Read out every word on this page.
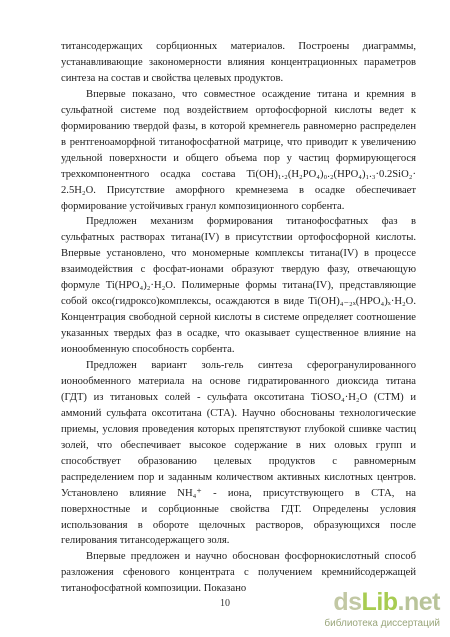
титансодержащих сорбционных материалов. Построены диаграммы,
устанавливающие закономерности влияния концентрационных параметров
синтеза на состав и свойства целевых продуктов.
Впервые показано, что совместное осаждение титана и кремния в
сульфатной системе под воздействием ортофосфорной кислоты ведет к
формированию твердой фазы, в которой кремнегель равномерно распределен
в рентгеноаморфной титанофосфатной матрице, что приводит к увеличению
удельной поверхности и общего объема пор у частиц формирующегося
трехкомпонентного осадка состава Ti(OH)₁.₂(H₂PO₄)₀.₂(HPO₄)₁.₃·0.2SiO₂·
2.5H₂O. Присутствие аморфного кремнезема в осадке обеспечивает
формирование устойчивых гранул композиционного сорбента.
Предложен механизм формирования титанофосфатных фаз в
сульфатных растворах титана(IV) в присутствии ортофосфорной кислоты.
Впервые установлено, что мономерные комплексы титана(IV) в процессе
взаимодействия с фосфат-ионами образуют твердую фазу, отвечающую
формуле Ti(HPO₄)₂·H₂O. Полимерные формы титана(IV), представляющие
собой оксо(гидроксо)комплексы, осаждаются в виде Ti(OH)₄₋₂ₓ(HPO₄)ₓ·H₂O.
Концентрация свободной серной кислоты в системе определяет соотношение
указанных твердых фаз в осадке, что оказывает существенное влияние на
ионообменную способность сорбента.
Предложен вариант золь-гель синтеза сферогранулированного
ионообменного материала на основе гидратированного диоксида титана
(ГДТ) из титановых солей - сульфата оксотитана TiOSO₄·H₂O (СТМ) и
аммоний сульфата оксотитана (СТА). Научно обоснованы технологические
приемы, условия проведения которых препятствуют глубокой сшивке частиц
золей, что обеспечивает высокое содержание в них оловых групп и
способствует образованию целевых продуктов с равномерным
распределением пор и заданным количеством активных кислотных центров.
Установлено влияние NH₄⁺ - иона, присутствующего в СТА, на
поверхностные и сорбционные свойства ГДТ. Определены условия
использования в обороте щелочных растворов, образующихся после
гелирования титансодержащего золя.
Впервые предложен и научно обоснован фосфорнокислотный способ
разложения сфенового концентрата с получением кремнийсодержащей
титанофосфатной композиции. Показано
10	dsLib.net
библиотека диссертаций
